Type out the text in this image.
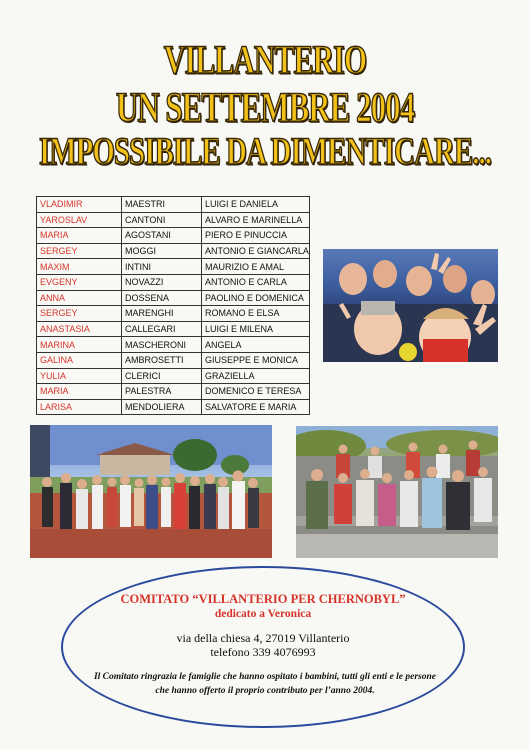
VILLANTERIO
UN SETTEMBRE 2004
IMPOSSIBILE DA DIMENTICARE...
VLADIMIR	MAESTRI	LUIGI E DANIELA
YAROSLAV	CANTONI	ALVARO E MARINELLA
MARIA	AGOSTANI	PIERO E PINUCCIA
SERGEY	MOGGI	ANTONIO E GIANCARLA
MAXIM	INTINI	MAURIZIO E AMAL
EVGENY	NOVAZZI	ANTONIO E CARLA
ANNA	DOSSENA	PAOLINO E DOMENICA
SERGEY	MARENGHI	ROMANO E ELSA
ANASTASIA	CALLEGARI	LUIGI E MILENA
MARINA	MASCHERONI	ANGELA
GALINA	AMBROSETTI	GIUSEPPE E MONICA
YULIA	CLERICI	GRAZIELLA
MARIA	PALESTRA	DOMENICO E TERESA
LARISA	MENDOLIERA	SALVATORE E MARIA
COMITATO “VILLANTERIO PER CHERNOBYL”
dedicato a Veronica
via della chiesa 4, 27019 Villanterio
telefono 339 4076993
Il Comitato ringrazia le famiglie che hanno ospitato i bambini, tutti gli enti e le persone che hanno offerto il proprio contributo per l’anno 2004.
